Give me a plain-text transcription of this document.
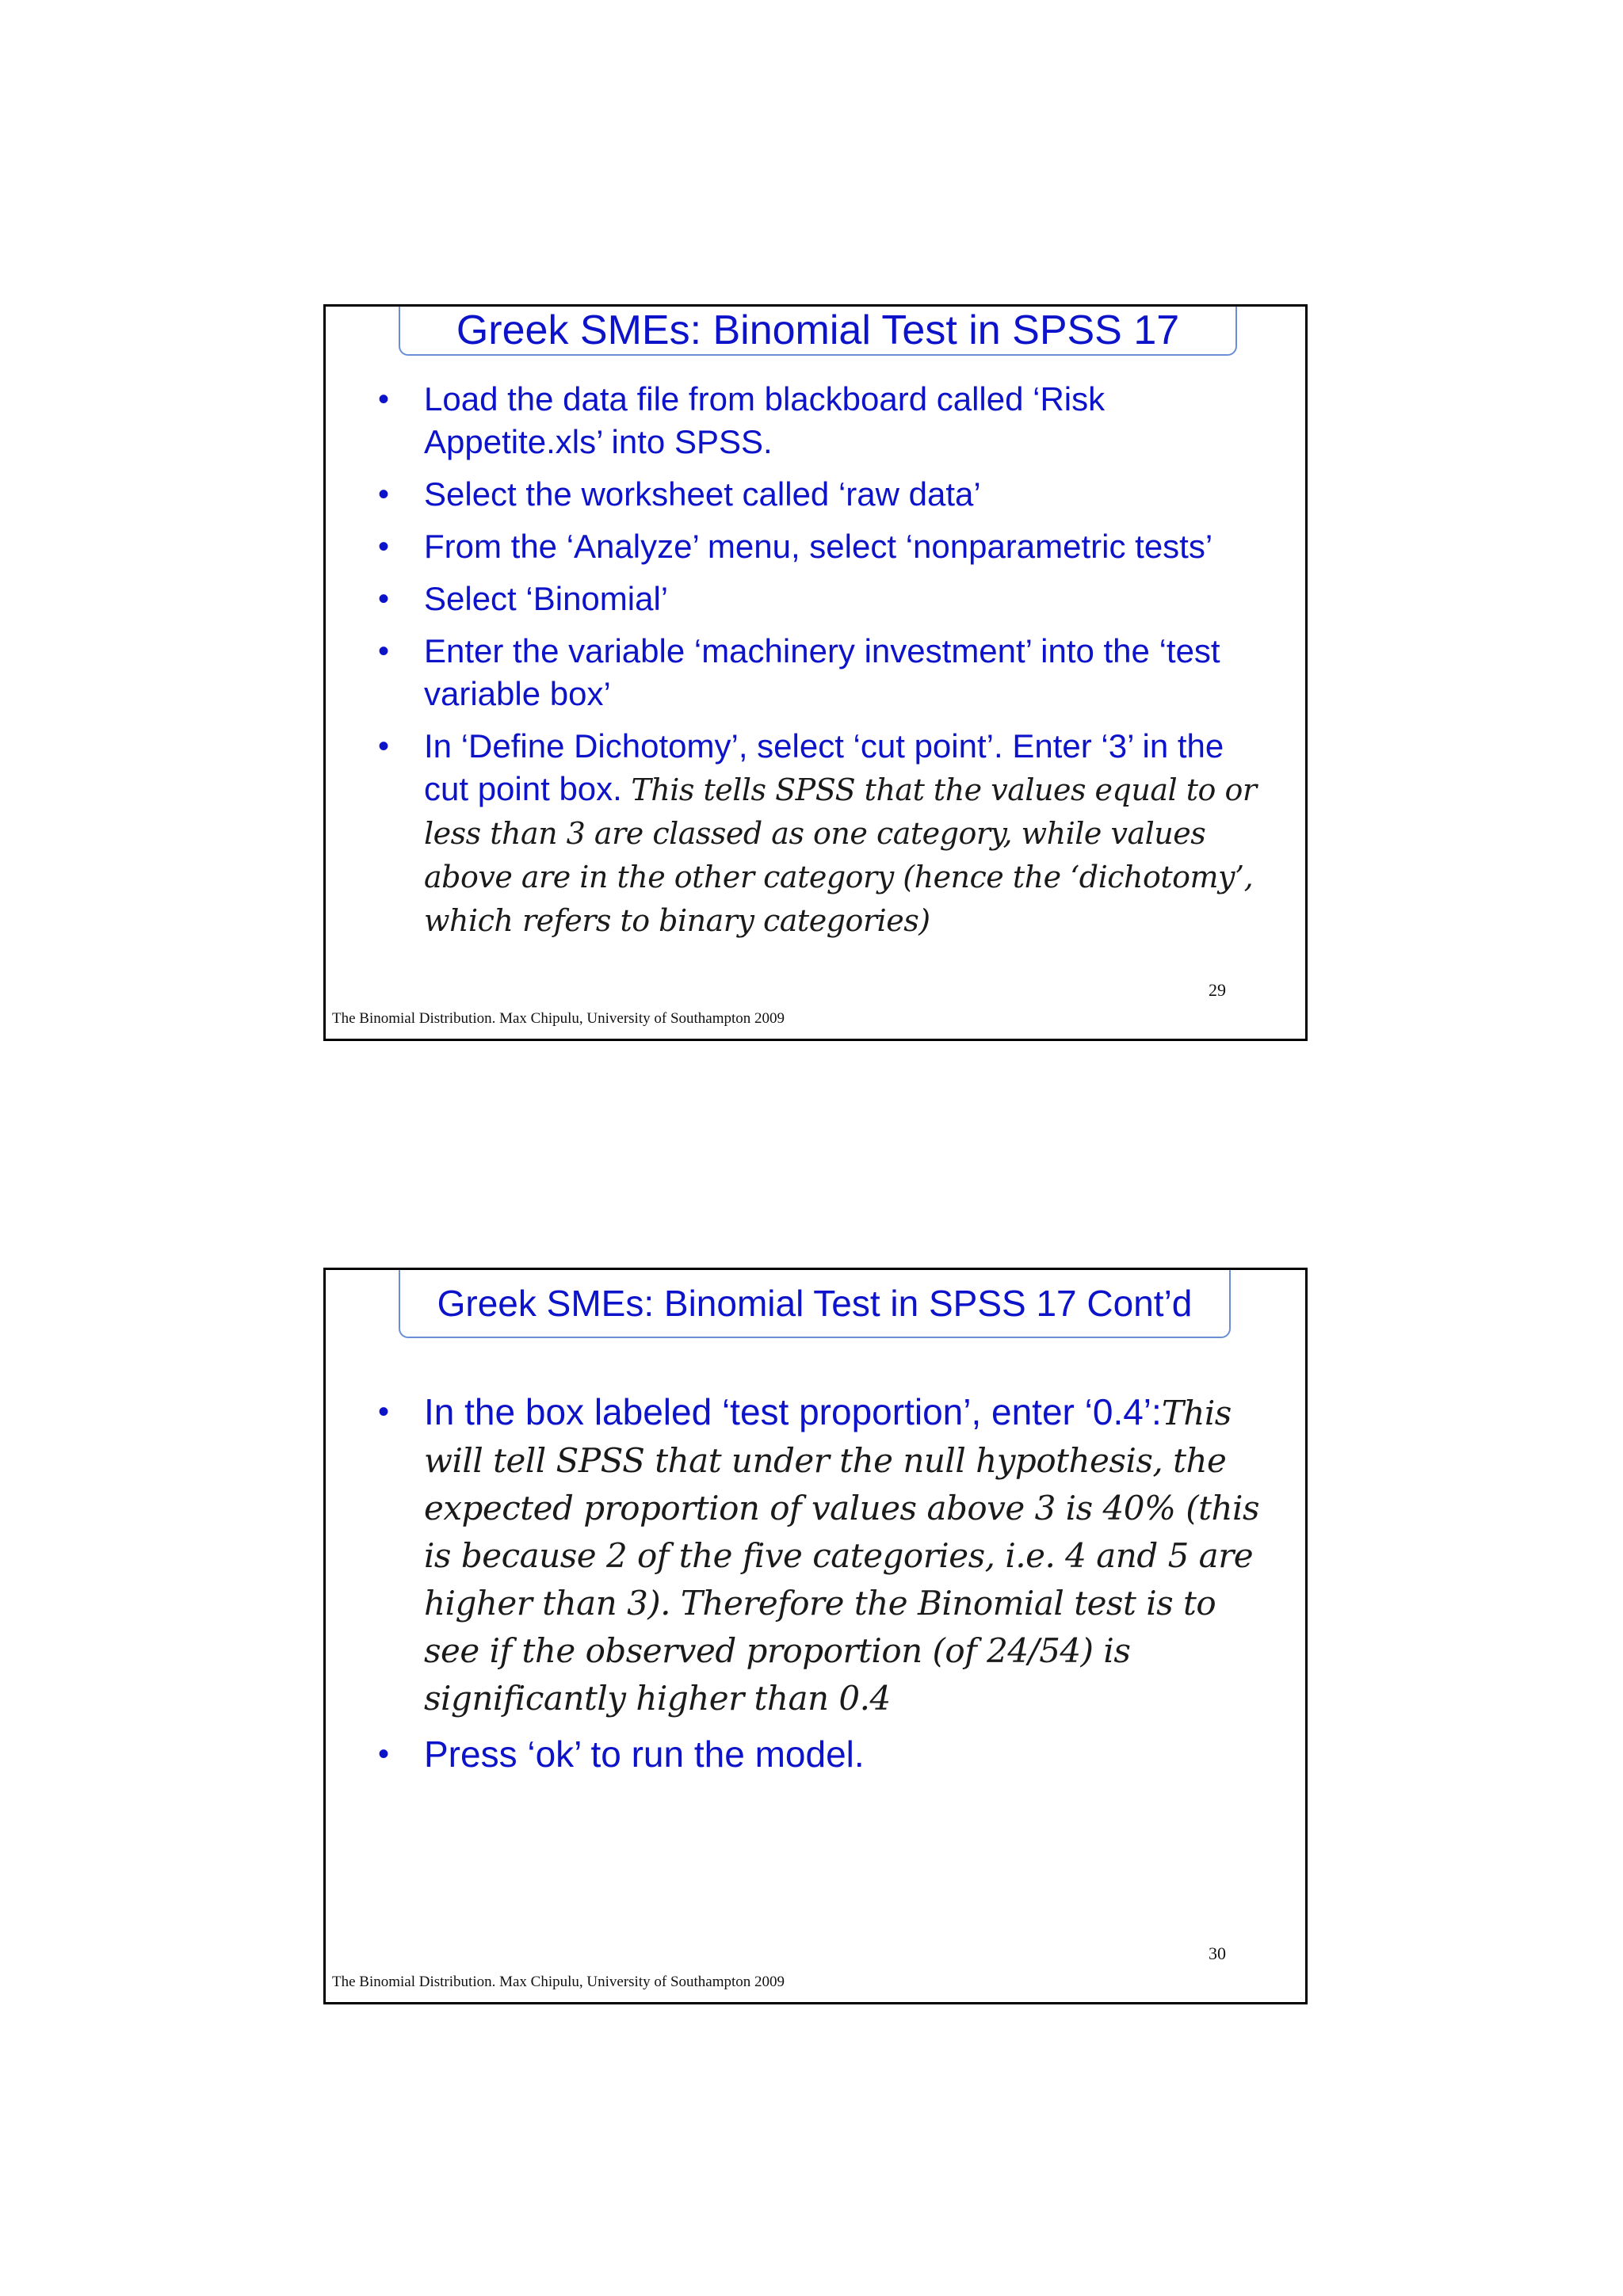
Greek SMEs: Binomial Test in SPSS 17
• Load the data file from blackboard called ‘Risk Appetite.xls’ into SPSS.
• Select the worksheet called ‘raw data’
• From the ‘Analyze’ menu, select ‘nonparametric tests’
• Select ‘Binomial’
• Enter the variable ‘machinery investment’ into the ‘test variable box’
• In ‘Define Dichotomy’, select ‘cut point’. Enter ‘3’ in the cut point box. This tells SPSS that the values equal to or less than 3 are classed as one category, while values above are in the other category (hence the ‘dichotomy’, which refers to binary categories)
29
The Binomial Distribution. Max Chipulu, University of Southampton 2009
Greek SMEs: Binomial Test in SPSS 17 Cont’d
• In the box labeled ‘test proportion’, enter ‘0.4’:This will tell SPSS that under the null hypothesis, the expected proportion of values above 3 is 40% (this is because 2 of the five categories, i.e. 4 and 5 are higher than 3). Therefore the Binomial test is to see if the observed proportion (of 24/54) is significantly higher than 0.4
• Press ‘ok’ to run the model.
30
The Binomial Distribution. Max Chipulu, University of Southampton 2009
